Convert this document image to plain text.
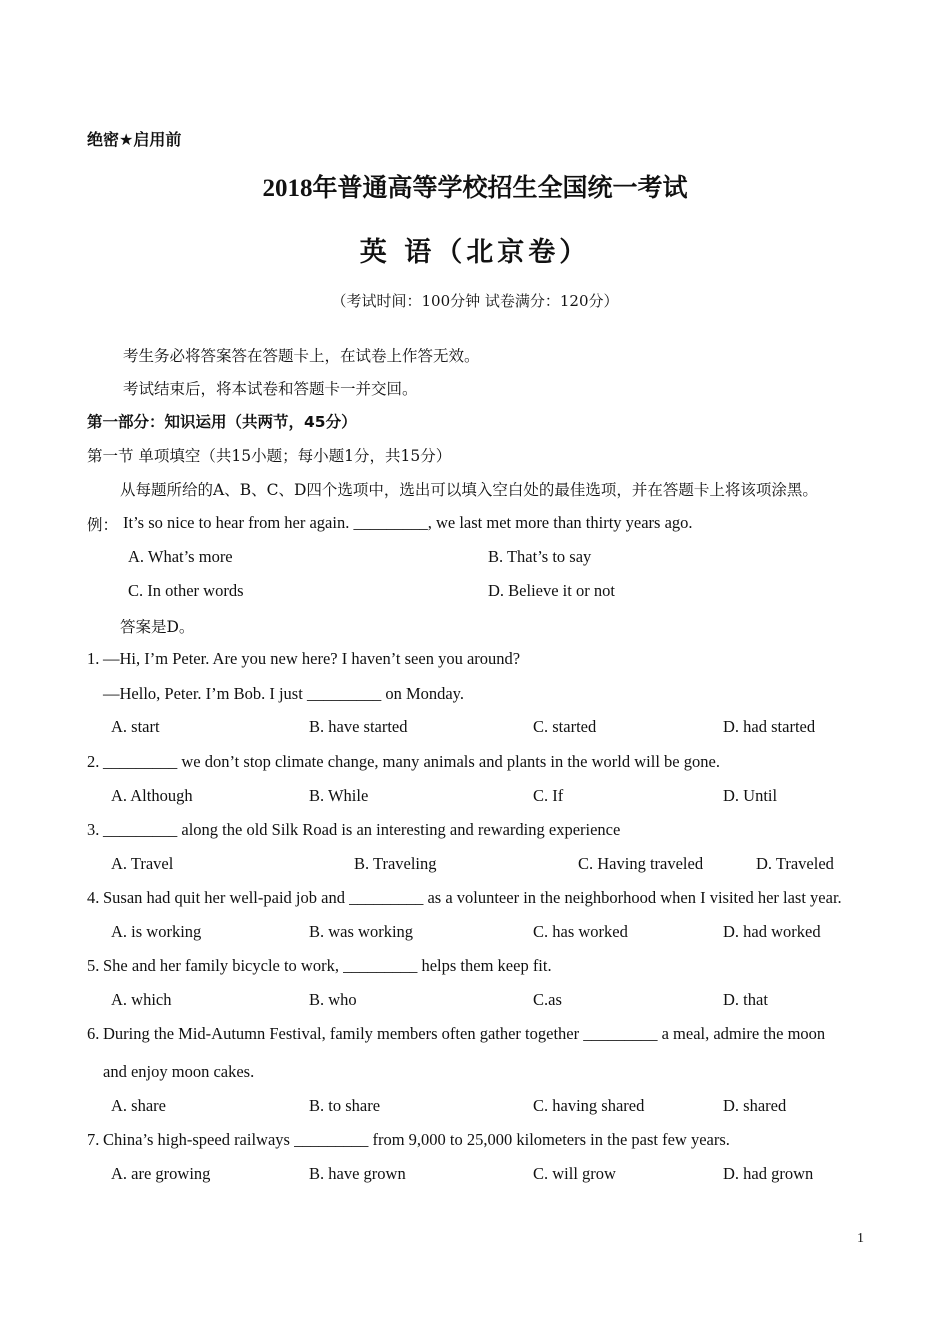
绝密★启用前
2018年普通高等学校招生全国统一考试
英 语（北京卷）
（考试时间：100分钟 试卷满分：120分）
考生务必将答案答在答题卡上，在试卷上作答无效。
考试结束后，将本试卷和答题卡一并交回。
第一部分：知识运用（共两节，45分）
第一节 单项填空（共15小题；每小题1分，共15分）
从每题所给的A、B、C、D四个选项中，选出可以填入空白处的最佳选项，并在答题卡上将该项涂黑。
例： It’s so nice to hear from her again. _________, we last met more than thirty years ago.
A. What’s more	B. That’s to say
C. In other words	D. Believe it or not
答案是D。
1. —Hi, I’m Peter. Are you new here? I haven’t seen you around?
—Hello, Peter. I’m Bob. I just _________ on Monday.
A. start	B. have started	C. started	D. had started
2. _________ we don’t stop climate change, many animals and plants in the world will be gone.
A. Although	B. While	C. If	D. Until
3. _________ along the old Silk Road is an interesting and rewarding experience
A. Travel	B. Traveling	C. Having traveled	D. Traveled
4. Susan had quit her well-paid job and _________ as a volunteer in the neighborhood when I visited her last year.
A. is working	B. was working	C. has worked	D. had worked
5. She and her family bicycle to work, _________ helps them keep fit.
A. which	B. who	C.as	D. that
6. During the Mid-Autumn Festival, family members often gather together _________ a meal, admire the moon
and enjoy moon cakes.
A. share	B. to share	C. having shared	D. shared
7. China’s high-speed railways _________ from 9,000 to 25,000 kilometers in the past few years.
A. are growing	B. have grown	C. will grow	D. had grown
1
